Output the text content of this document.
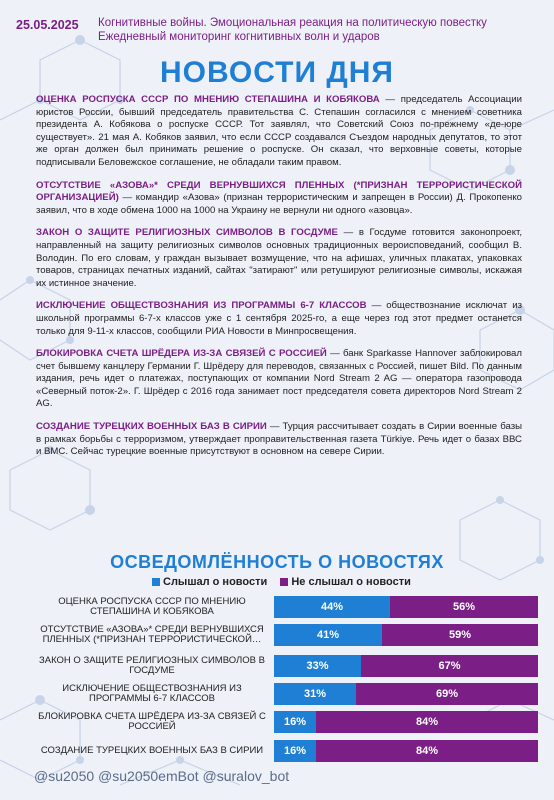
25.05.2025 Когнитивные войны. Эмоциональная реакция на политическую повестку
Ежедневный мониторинг когнитивных волн и ударов
НОВОСТИ ДНЯ
ОЦЕНКА РОСПУСКА СССР ПО МНЕНИЮ СТЕПАШИНА И КОБЯКОВА — председатель Ассоциации юристов России, бывший председатель правительства С. Степашин согласился с мнением советника президента А. Кобякова о роспуске СССР. Тот заявлял, что Советский Союз по-прежнему «де-юре существует». 21 мая А. Кобяков заявил, что если СССР создавался Съездом народных депутатов, то этот же орган должен был принимать решение о роспуске. Он сказал, что верховные советы, которые подписывали Беловежское соглашение, не обладали таким правом.
ОТСУТСТВИЕ «АЗОВА»* СРЕДИ ВЕРНУВШИХСЯ ПЛЕННЫХ (*ПРИЗНАН ТЕРРОРИСТИЧЕСКОЙ ОРГАНИЗАЦИЕЙ) — командир «Азова» (признан террористическим и запрещен в России) Д. Прокопенко заявил, что в ходе обмена 1000 на 1000 на Украину не вернули ни одного «азовца».
ЗАКОН О ЗАЩИТЕ РЕЛИГИОЗНЫХ СИМВОЛОВ В ГОСДУМЕ — в Госдуме готовится законопроект, направленный на защиту религиозных символов основных традиционных вероисповеданий, сообщил В. Володин. По его словам, у граждан вызывает возмущение, что на афишах, уличных плакатах, упаковках товаров, страницах печатных изданий, сайтах "затирают" или ретушируют религиозные символы, искажая их истинное значение.
ИСКЛЮЧЕНИЕ ОБЩЕСТВОЗНАНИЯ ИЗ ПРОГРАММЫ 6-7 КЛАССОВ — обществознание исключат из школьной программы 6-7-х классов уже с 1 сентября 2025-го, а еще через год этот предмет останется только для 9-11-х классов, сообщили РИА Новости в Минпросвещения.
БЛОКИРОВКА СЧЕТА ШРЁДЕРА ИЗ-ЗА СВЯЗЕЙ С РОССИЕЙ — банк Sparkasse Hannover заблокировал счет бывшему канцлеру Германии Г. Шрёдеру для переводов, связанных с Россией, пишет Bild. По данным издания, речь идет о платежах, поступающих от компании Nord Stream 2 AG — оператора газопровода «Северный поток-2». Г. Шрёдер с 2016 года занимает пост председателя совета директоров Nord Stream 2 AG.
СОЗДАНИЕ ТУРЕЦКИХ ВОЕННЫХ БАЗ В СИРИИ — Турция рассчитывает создать в Сирии военные базы в рамках борьбы с терроризмом, утверждает проправительственная газета Türkiye. Речь идет о базах ВВС и ВМС. Сейчас турецкие военные присутствуют в основном на севере Сирии.
ОСВЕДОМЛЁННОСТЬ О НОВОСТЯХ
Слышал о новости Не слышал о новости
ОЦЕНКА РОСПУСКА СССР ПО МНЕНИЮ СТЕПАШИНА И КОБЯКОВА	44%	56%
ОТСУТСТВИЕ «АЗОВА»* СРЕДИ ВЕРНУВШИХСЯ ПЛЕННЫХ (*ПРИЗНАН ТЕРРОРИСТИЧЕСКОЙ…	41%	59%
ЗАКОН О ЗАЩИТЕ РЕЛИГИОЗНЫХ СИМВОЛОВ В ГОСДУМЕ	33%	67%
ИСКЛЮЧЕНИЕ ОБЩЕСТВОЗНАНИЯ ИЗ ПРОГРАММЫ 6-7 КЛАССОВ	31%	69%
БЛОКИРОВКА СЧЕТА ШРЁДЕРА ИЗ-ЗА СВЯЗЕЙ С РОССИЕЙ	16%	84%
СОЗДАНИЕ ТУРЕЦКИХ ВОЕННЫХ БАЗ В СИРИИ	16%	84%
@su2050 @su2050emBot @suralov_bot
